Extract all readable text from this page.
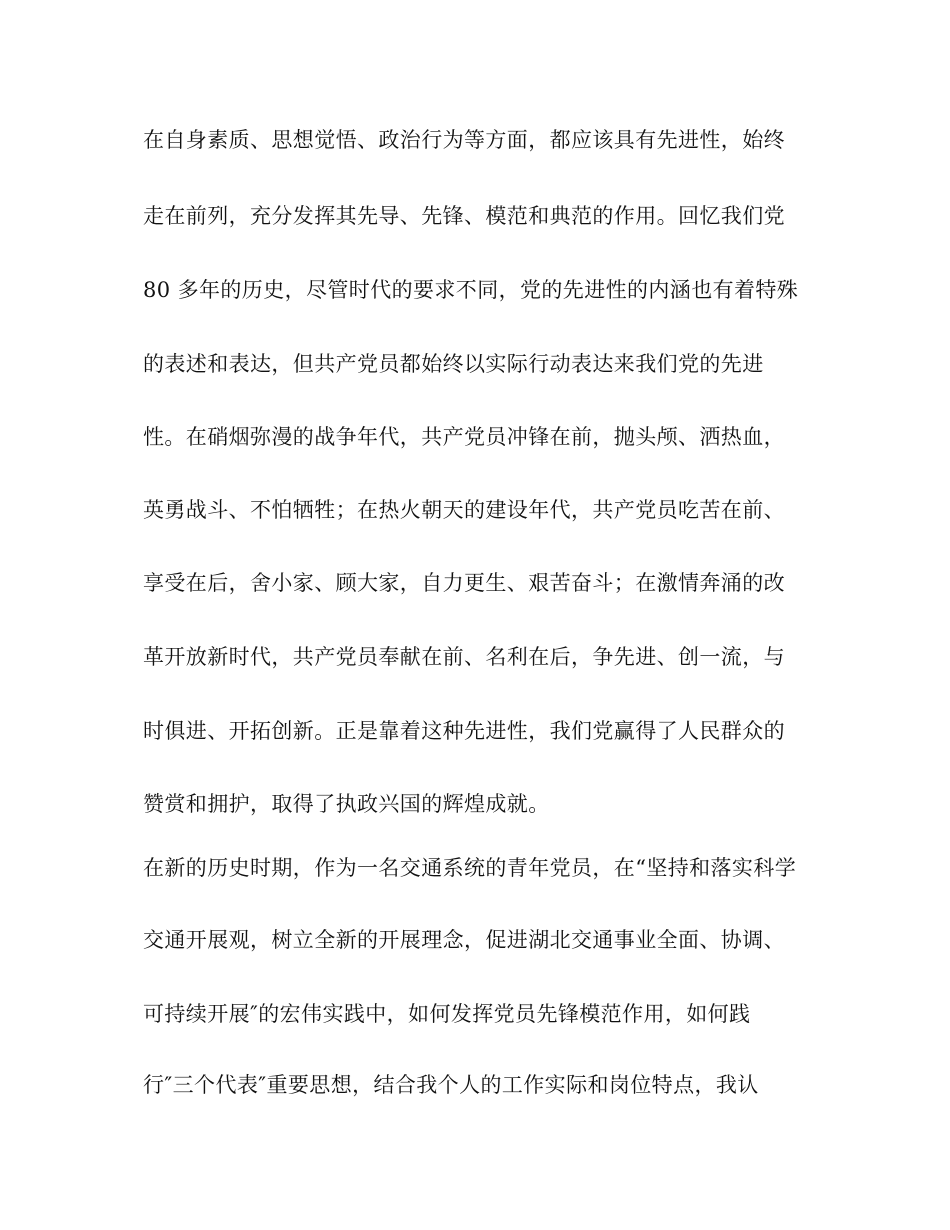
在自身素质、思想觉悟、政治行为等方面，都应该具有先进性，始终
走在前列，充分发挥其先导、先锋、模范和典范的作用。回忆我们党
80 多年的历史，尽管时代的要求不同，党的先进性的内涵也有着特殊
的表述和表达，但共产党员都始终以实际行动表达来我们党的先进
性。在硝烟弥漫的战争年代，共产党员冲锋在前，抛头颅、洒热血，
英勇战斗、不怕牺牲；在热火朝天的建设年代，共产党员吃苦在前、
享受在后，舍小家、顾大家，自力更生、艰苦奋斗；在激情奔涌的改
革开放新时代，共产党员奉献在前、名利在后，争先进、创一流，与
时俱进、开拓创新。正是靠着这种先进性，我们党赢得了人民群众的
赞赏和拥护，取得了执政兴国的辉煌成就。
在新的历史时期，作为一名交通系统的青年党员，在“坚持和落实科学
交通开展观，树立全新的开展理念，促进湖北交通事业全面、协调、
可持续开展″的宏伟实践中，如何发挥党员先锋模范作用，如何践
行″三个代表″重要思想，结合我个人的工作实际和岗位特点，我认
